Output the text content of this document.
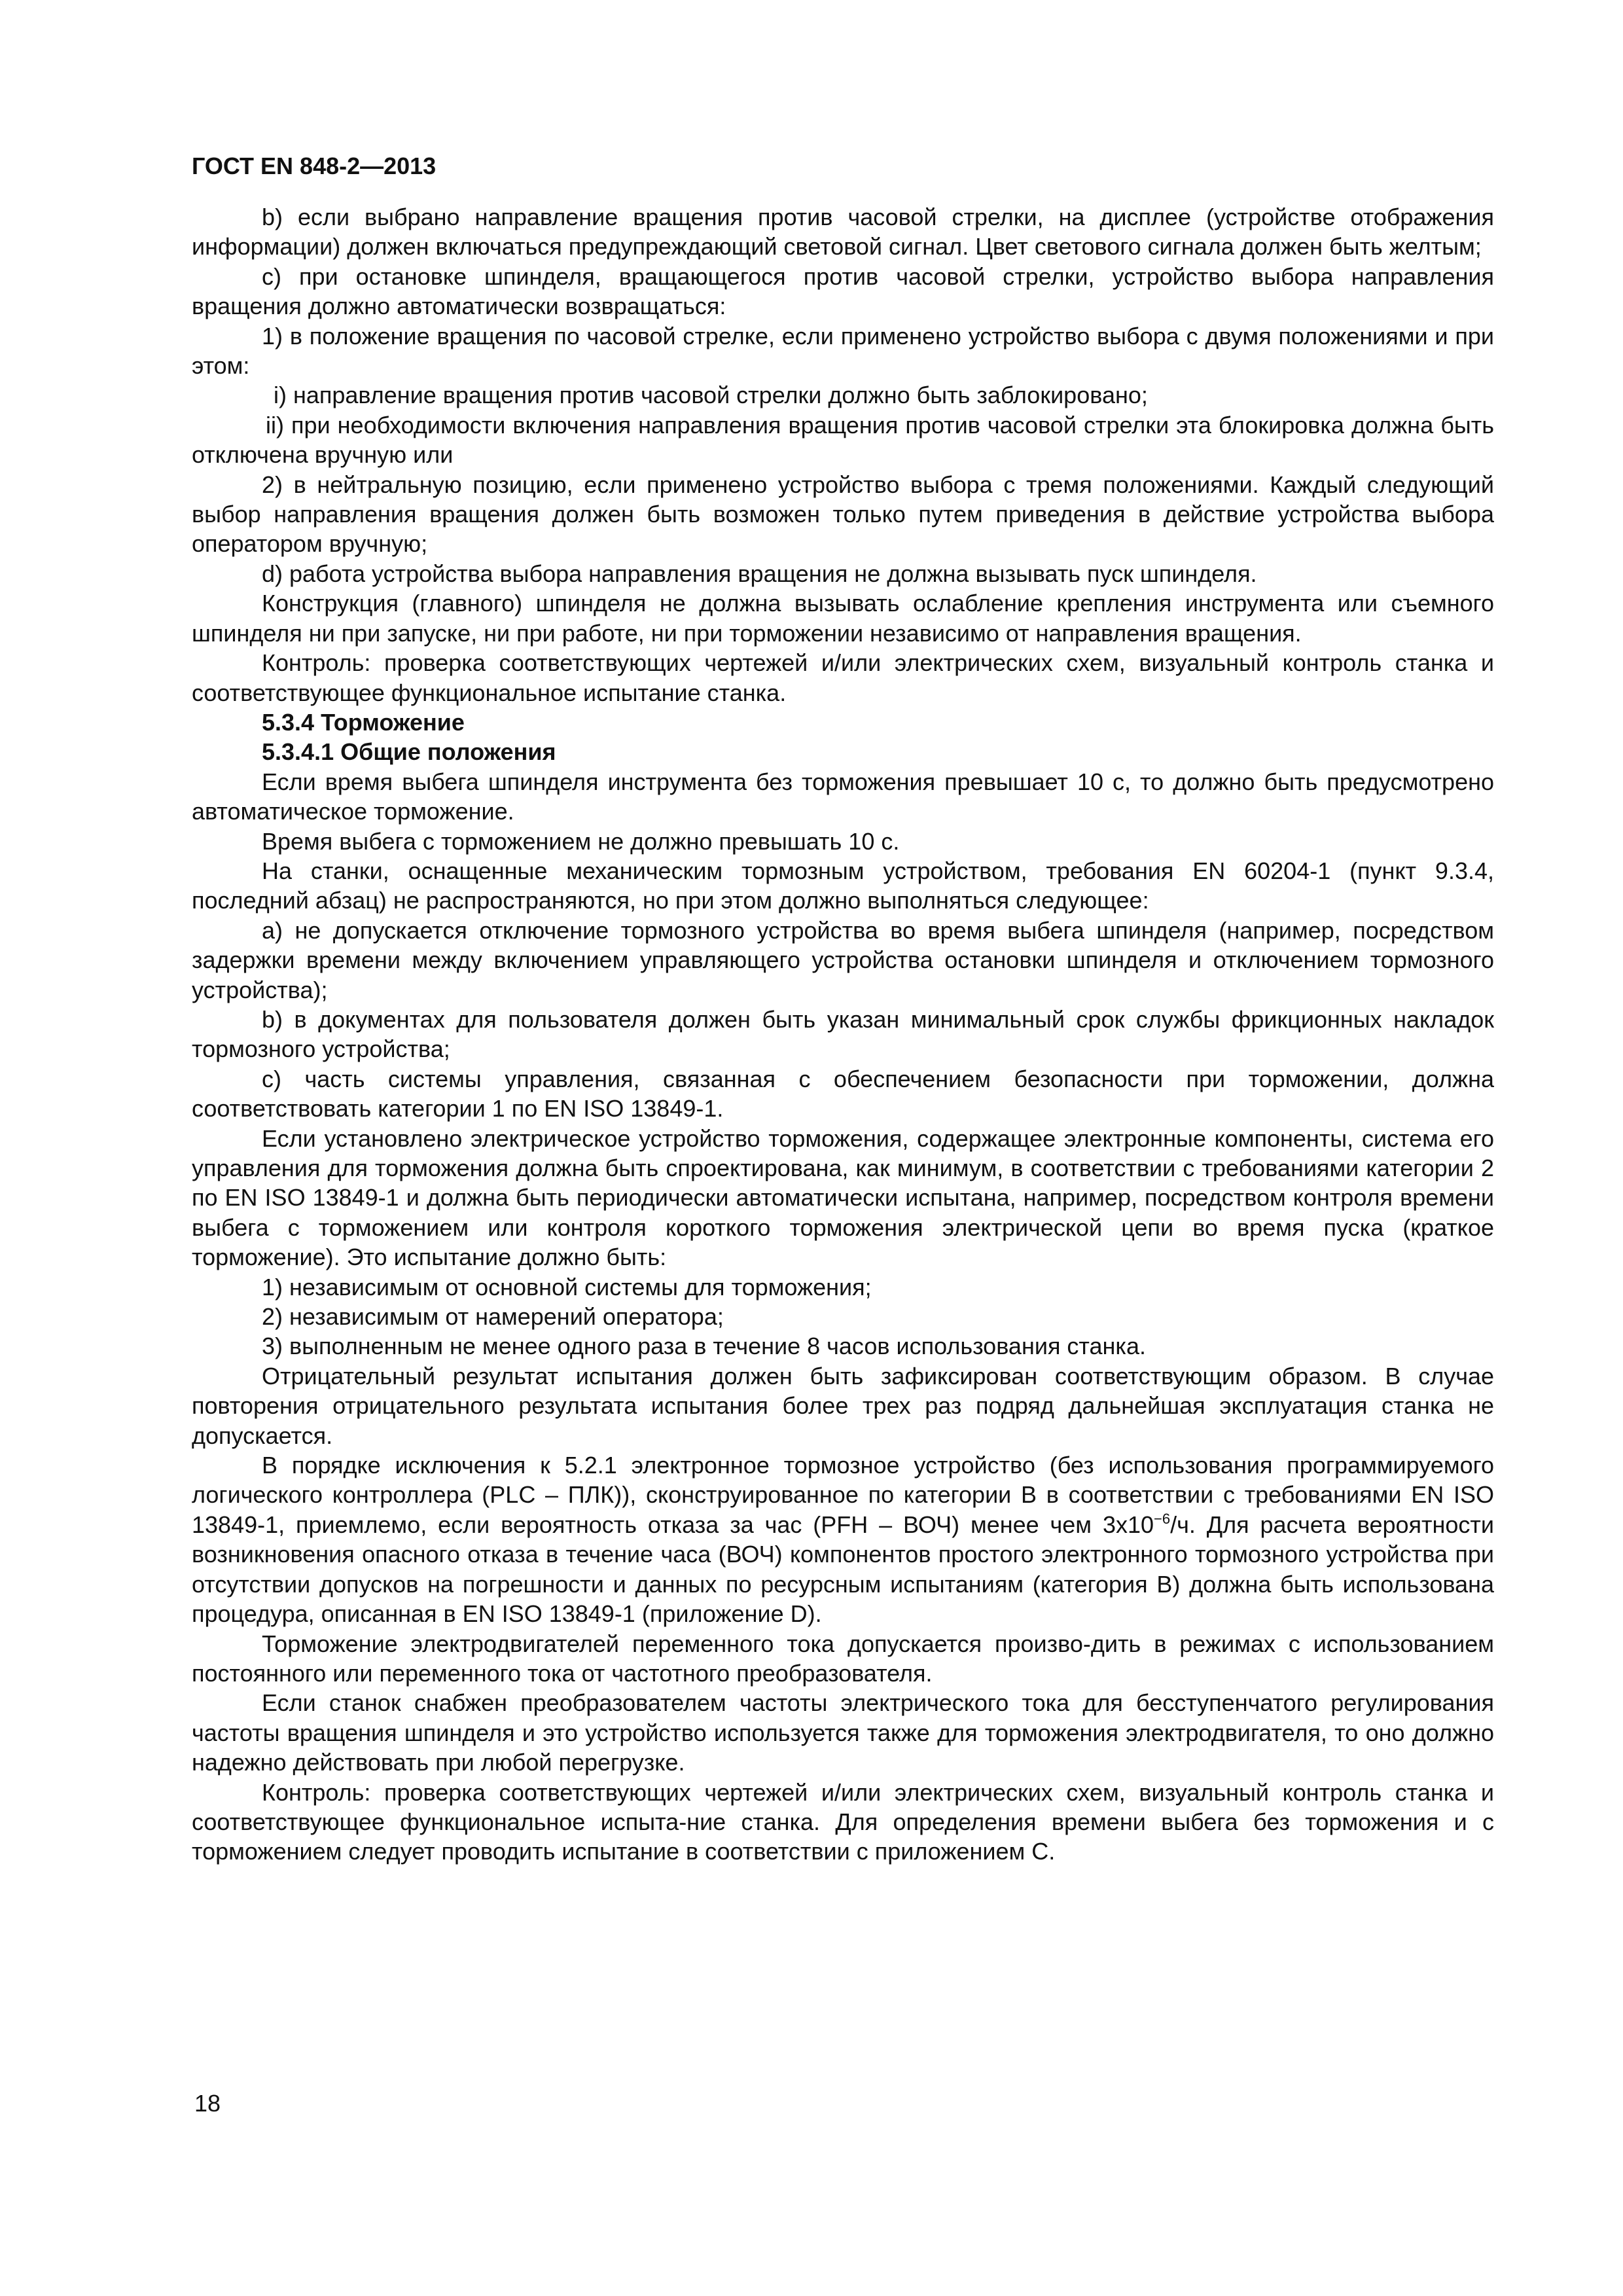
ГОСТ EN 848-2—2013

b) если выбрано направление вращения против часовой стрелки, на дисплее (устройстве отображения информации) должен включаться предупреждающий световой сигнал. Цвет светового сигнала должен быть желтым;

c) при остановке шпинделя, вращающегося против часовой стрелки, устройство выбора направления вращения должно автоматически возвращаться:

1) в положение вращения по часовой стрелке, если применено устройство выбора с двумя положениями и при этом:

i) направление вращения против часовой стрелки должно быть заблокировано;

ii) при необходимости включения направления вращения против часовой стрелки эта блокировка должна быть отключена вручную или

2) в нейтральную позицию, если применено устройство выбора с тремя положениями. Каждый следующий выбор направления вращения должен быть возможен только путем приведения в действие устройства выбора оператором вручную;

d) работа устройства выбора направления вращения не должна вызывать пуск шпинделя.

Конструкция (главного) шпинделя не должна вызывать ослабление крепления инструмента или съемного шпинделя ни при запуске, ни при работе, ни при торможении независимо от направления вращения.

Контроль: проверка соответствующих чертежей и/или электрических схем, визуальный контроль станка и соответствующее функциональное испытание станка.

5.3.4 Торможение

5.3.4.1 Общие положения

Если время выбега шпинделя инструмента без торможения превышает 10 с, то должно быть предусмотрено автоматическое торможение.

Время выбега с торможением не должно превышать 10 с.

На станки, оснащенные механическим тормозным устройством, требования EN 60204-1 (пункт 9.3.4, последний абзац) не распространяются, но при этом должно выполняться следующее:

a) не допускается отключение тормозного устройства во время выбега шпинделя (например, посредством задержки времени между включением управляющего устройства остановки шпинделя и отключением тормозного устройства);

b) в документах для пользователя должен быть указан минимальный срок службы фрикционных накладок тормозного устройства;

c) часть системы управления, связанная с обеспечением безопасности при торможении, должна соответствовать категории 1 по EN ISO 13849-1.

Если установлено электрическое устройство торможения, содержащее электронные компоненты, система его управления для торможения должна быть спроектирована, как минимум, в соответствии с требованиями категории 2 по EN ISO 13849-1 и должна быть периодически автоматически испытана, например, посредством контроля времени выбега с торможением или контроля короткого торможения электрической цепи во время пуска (краткое торможение). Это испытание должно быть:

1) независимым от основной системы для торможения;

2) независимым от намерений оператора;

3) выполненным не менее одного раза в течение 8 часов использования станка.

Отрицательный результат испытания должен быть зафиксирован соответствующим образом. В случае повторения отрицательного результата испытания более трех раз подряд дальнейшая эксплуатация станка не допускается.

В порядке исключения к 5.2.1 электронное тормозное устройство (без использования программируемого логического контроллера (PLC – ПЛК)), сконструированное по категории B в соответствии с требованиями EN ISO 13849-1, приемлемо, если вероятность отказа за час (PFH – ВОЧ) менее чем $3x10^{-6}/ч$. Для расчета вероятности возникновения опасного отказа в течение часа (ВОЧ) компонентов простого электронного тормозного устройства при отсутствии допусков на погрешности и данных по ресурсным испытаниям (категория B) должна быть использована процедура, описанная в EN ISO 13849-1 (приложение D).

Торможение электродвигателей переменного тока допускается произво-дить в режимах с использованием постоянного или переменного тока от частотного преобразователя.

Если станок снабжен преобразователем частоты электрического тока для бесступенчатого регулирования частоты вращения шпинделя и это устройство используется также для торможения электродвигателя, то оно должно надежно действовать при любой перегрузке.

Контроль: проверка соответствующих чертежей и/или электрических схем, визуальный контроль станка и соответствующее функциональное испыта-ние станка. Для определения времени выбега без торможения и с торможением следует проводить испытание в соответствии с приложением C.

18
